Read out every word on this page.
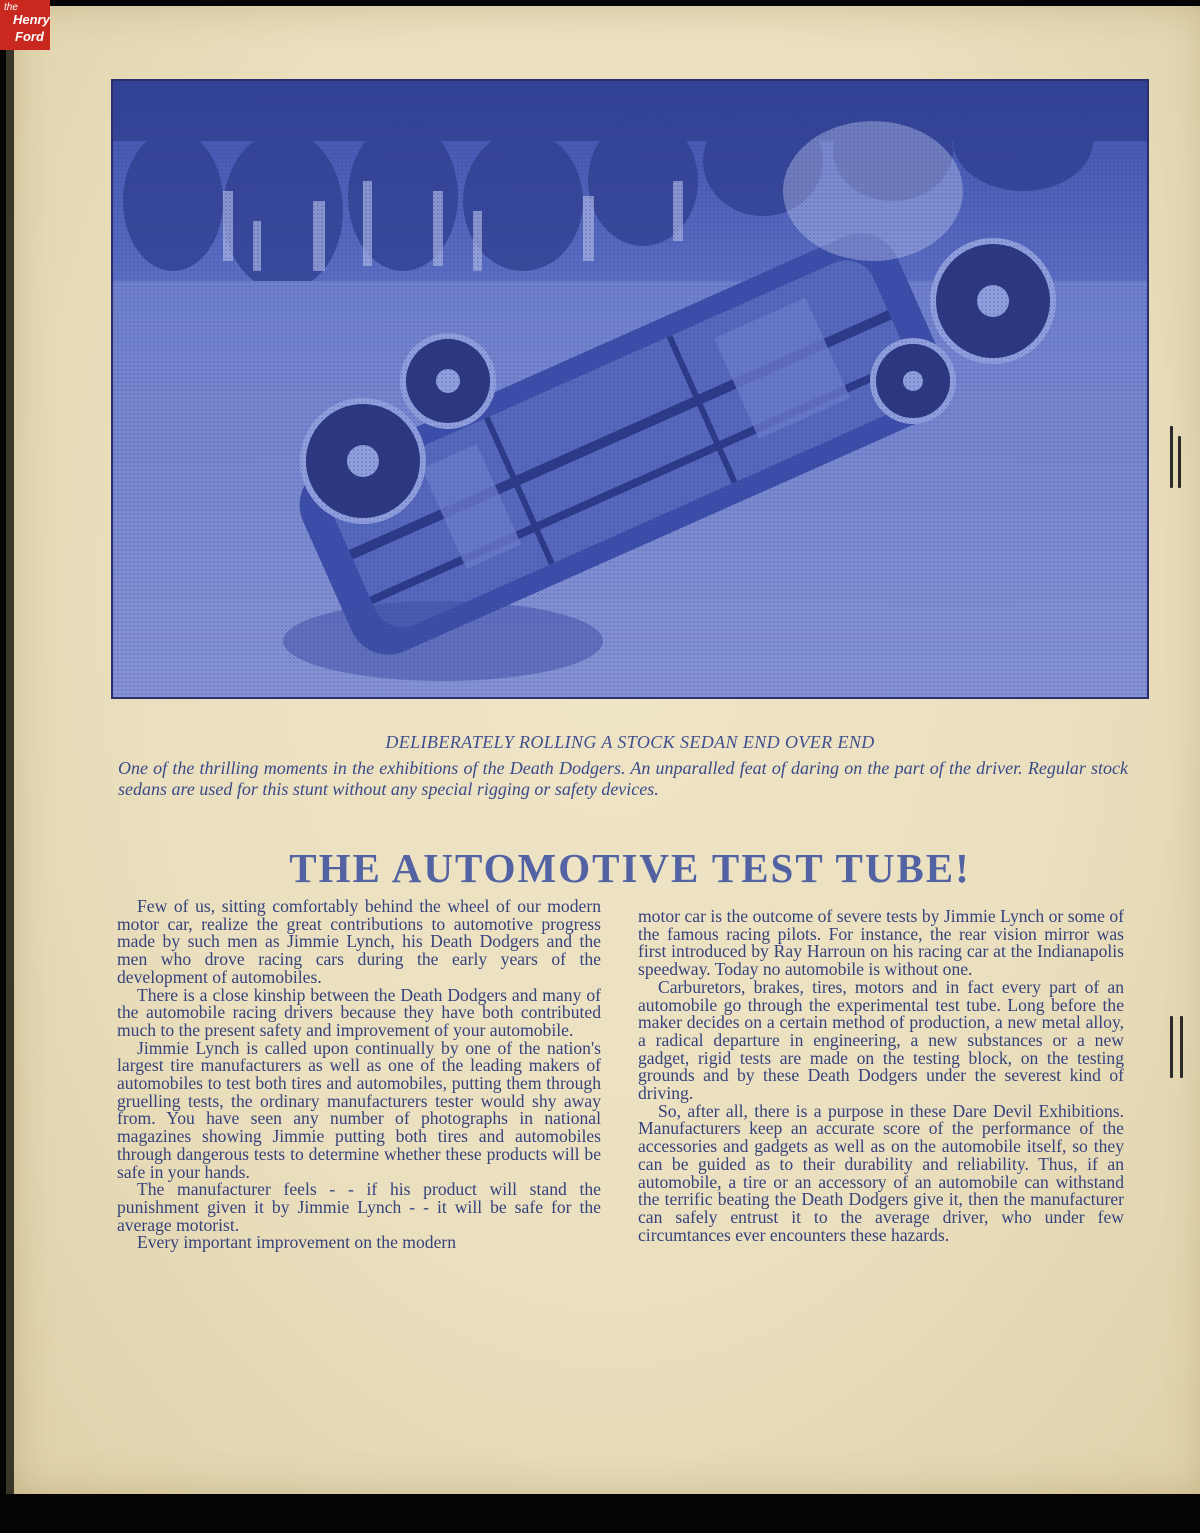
DELIBERATELY ROLLING A STOCK SEDAN END OVER END
One of the thrilling moments in the exhibitions of the Death Dodgers. An unparalled feat of daring on the part of the driver. Regular stock sedans are used for this stunt without any special rigging or safety devices.
THE AUTOMOTIVE TEST TUBE!

Few of us, sitting comfortably behind the wheel of our modern motor car, realize the great contributions to automotive progress made by such men as Jimmie Lynch, his Death Dodgers and the men who drove racing cars during the early years of the development of automobiles.

There is a close kinship between the Death Dodgers and many of the automobile racing drivers because they have both contributed much to the present safety and improvement of your automobile.

Jimmie Lynch is called upon continually by one of the nation's largest tire manufacturers as well as one of the leading makers of automobiles to test both tires and automobiles, putting them through gruelling tests, the ordinary manufacturers tester would shy away from. You have seen any number of photographs in national magazines showing Jimmie putting both tires and automobiles through dangerous tests to determine whether these products will be safe in your hands.

The manufacturer feels - - if his product will stand the punishment given it by Jimmie Lynch - - it will be safe for the average motorist.

Every important improvement on the modern

motor car is the outcome of severe tests by Jimmie Lynch or some of the famous racing pilots. For instance, the rear vision mirror was first introduced by Ray Harroun on his racing car at the Indianapolis speedway. Today no automobile is without one.

Carburetors, brakes, tires, motors and in fact every part of an automobile go through the experimental test tube. Long before the maker decides on a certain method of production, a new metal alloy, a radical departure in engineering, a new substances or a new gadget, rigid tests are made on the testing block, on the testing grounds and by these Death Dodgers under the severest kind of driving.

So, after all, there is a purpose in these Dare Devil Exhibitions. Manufacturers keep an accurate score of the performance of the accessories and gadgets as well as on the automobile itself, so they can be guided as to their durability and reliability. Thus, if an automobile, a tire or an accessory of an automobile can withstand the terrific beating the Death Dodgers give it, then the manufacturer can safely entrust it to the average driver, who under few circumtances ever encounters these hazards.

the
Henry
Ford
